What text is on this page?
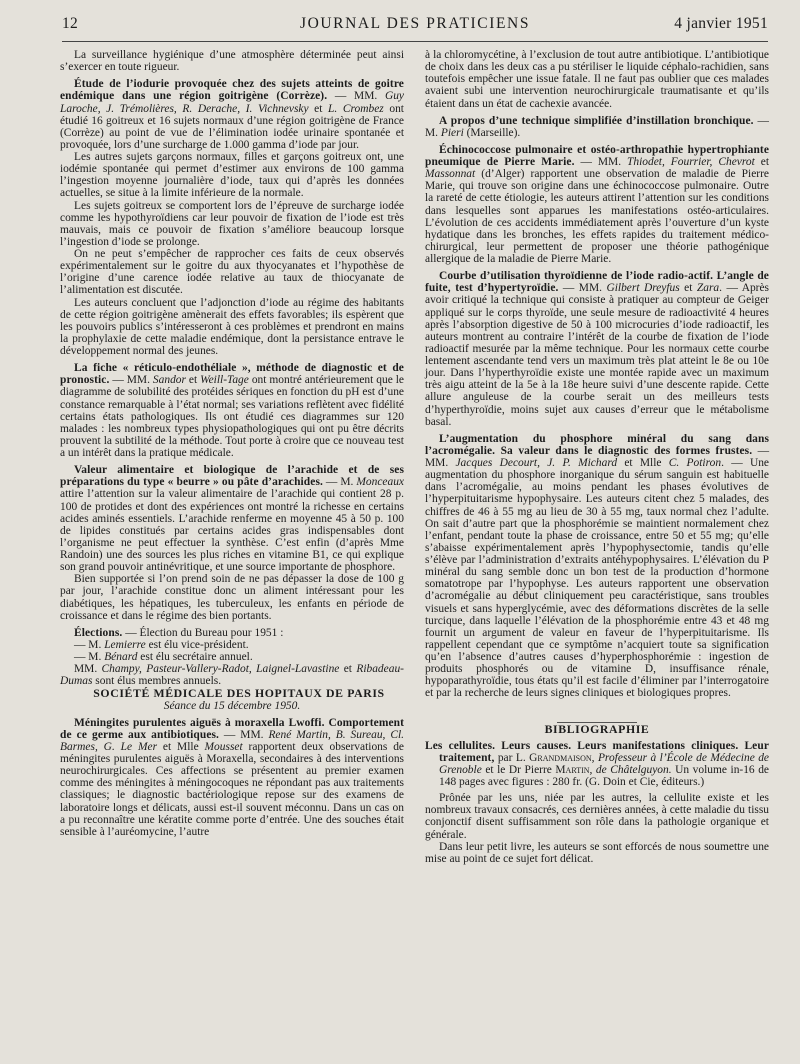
12	JOURNAL DES PRATICIENS	4 janvier 1951

La surveillance hygiénique d’une atmosphère déterminée peut ainsi s’exercer en toute rigueur.

Étude de l’iodurie provoquée chez des sujets atteints de goitre endémique dans une région goitrigène (Corrèze). — MM. Guy Laroche, J. Trémolières, R. Derache, I. Vichnevsky et L. Crombez ont étudié 16 goitreux et 16 sujets normaux d’une région goitrigène de France (Corrèze) au point de vue de l’élimination iodée urinaire spontanée et provoquée, lors d’une surcharge de 1.000 gamma d’iode par jour.

Les autres sujets garçons normaux, filles et garçons goitreux ont, une iodémie spontanée qui permet d’estimer aux environs de 100 gamma l’ingestion moyenne journalière d’iode, taux qui d’après les données actuelles, se situe à la limite inférieure de la normale.

Les sujets goitreux se comportent lors de l’épreuve de surcharge iodée comme les hypothyroïdiens car leur pouvoir de fixation de l’iode est très mauvais, mais ce pouvoir de fixation s’améliore beaucoup lorsque l’ingestion d’iode se prolonge.

On ne peut s’empêcher de rapprocher ces faits de ceux observés expérimentalement sur le goitre du aux thyocyanates et l’hypothèse de l’origine d’une carence iodée relative au taux de thiocyanate de l’alimentation est discutée.

Les auteurs concluent que l’adjonction d’iode au régime des habitants de cette région goitrigène amènerait des effets favorables; ils espèrent que les pouvoirs publics s’intéresseront à ces problèmes et prendront en mains la prophylaxie de cette maladie endémique, dont la persistance entrave le développement normal des jeunes.

La fiche « réticulo-endothéliale », méthode de diagnostic et de pronostic. — MM. Sandor et Weill-Tage ont montré antérieurement que le diagramme de solubilité des protéides sériques en fonction du pH est d’une constance remarquable à l’état normal; ses variations reflètent avec fidélité certains états pathologiques. Ils ont étudié ces diagrammes sur 120 malades : les nombreux types physiopathologiques qui ont pu être décrits prouvent la subtilité de la méthode. Tout porte à croire que ce nouveau test a un intérêt dans la pratique médicale.

Valeur alimentaire et biologique de l’arachide et de ses préparations du type « beurre » ou pâte d’arachides. — M. Monceaux attire l’attention sur la valeur alimentaire de l’arachide qui contient 28 p. 100 de protides et dont des expériences ont montré la richesse en certains acides aminés essentiels. L’arachide renferme en moyenne 45 à 50 p. 100 de lipides constitués par certains acides gras indispensables dont l’organisme ne peut effectuer la synthèse. C’est enfin (d’après Mme Randoin) une des sources les plus riches en vitamine B1, ce qui explique son grand pouvoir antinévritique, et une source importante de phosphore.

Bien supportée si l’on prend soin de ne pas dépasser la dose de 100 g par jour, l’arachide constitue donc un aliment intéressant pour les diabétiques, les hépatiques, les tuberculeux, les enfants en période de croissance et dans le régime des bien portants.

Élections. — Élection du Bureau pour 1951 :

— M. Lemierre est élu vice-président.

— M. Bénard est élu secrétaire annuel.

MM. Champy, Pasteur-Vallery-Radot, Laignel-Lavastine et Ribadeau-Dumas sont élus membres annuels.

SOCIÉTÉ MÉDICALE DES HOPITAUX DE PARIS

Séance du 15 décembre 1950.

Méningites purulentes aiguës à moraxella Lwoffi. Comportement de ce germe aux antibiotiques. — MM. René Martin, B. Sureau, Cl. Barmes, G. Le Mer et Mlle Mousset rapportent deux observations de méningites purulentes aiguës à Moraxella, secondaires à des interventions neurochirurgicales. Ces affections se présentent au premier examen comme des méningites à méningocoques ne répondant pas aux traitements classiques; le diagnostic bactériologique repose sur des examens de laboratoire longs et délicats, aussi est-il souvent méconnu. Dans un cas on a pu reconnaître une kératite comme porte d’entrée. Une des souches était sensible à l’auréomycine, l’autre

à la chloromycétine, à l’exclusion de tout autre antibiotique. L’antibiotique de choix dans les deux cas a pu stériliser le liquide céphalo-rachidien, sans toutefois empêcher une issue fatale. Il ne faut pas oublier que ces malades avaient subi une intervention neurochirurgicale traumatisante et qu’ils étaient dans un état de cachexie avancée.

A propos d’une technique simplifiée d’instillation bronchique. — M. Pieri (Marseille).

Échinococcose pulmonaire et ostéo-arthropathie hypertrophiante pneumique de Pierre Marie. — MM. Thiodet, Fourrier, Chevrot et Massonnat (d’Alger) rapportent une observation de maladie de Pierre Marie, qui trouve son origine dans une échinococcose pulmonaire. Outre la rareté de cette étiologie, les auteurs attirent l’attention sur les conditions dans lesquelles sont apparues les manifestations ostéo-articulaires. L’évolution de ces accidents immédiatement après l’ouverture d’un kyste hydatique dans les bronches, les effets rapides du traitement médico-chirurgical, leur permettent de proposer une théorie pathogénique allergique de la maladie de Pierre Marie.

Courbe d’utilisation thyroïdienne de l’iode radio-actif. L’angle de fuite, test d’hypertyroïdie. — MM. Gilbert Dreyfus et Zara. — Après avoir critiqué la technique qui consiste à pratiquer au compteur de Geiger appliqué sur le corps thyroïde, une seule mesure de radioactivité 4 heures après l’absorption digestive de 50 à 100 microcuries d’iode radioactif, les auteurs montrent au contraire l’intérêt de la courbe de fixation de l’iode radioactif mesurée par la même technique. Pour les normaux cette courbe lentement ascendante tend vers un maximum très plat atteint le 8e ou 10e jour. Dans l’hyperthyroïdie existe une montée rapide avec un maximum très aigu atteint de la 5e à la 18e heure suivi d’une descente rapide. Cette allure anguleuse de la courbe serait un des meilleurs tests d’hyperthyroïdie, moins sujet aux causes d’erreur que le métabolisme basal.

L’augmentation du phosphore minéral du sang dans l’acromégalie. Sa valeur dans le diagnostic des formes frustes. — MM. Jacques Decourt, J. P. Michard et Mlle C. Potiron. — Une augmentation du phosphore inorganique du sérum sanguin est habituelle dans l’acromégalie, au moins pendant les phases évolutives de l’hyperpituitarisme hypophysaire. Les auteurs citent chez 5 malades, des chiffres de 46 à 55 mg au lieu de 30 à 55 mg, taux normal chez l’adulte. On sait d’autre part que la phosphorémie se maintient normalement chez l’enfant, pendant toute la phase de croissance, entre 50 et 55 mg; qu’elle s’abaisse expérimentalement après l’hypophysectomie, tandis qu’elle s’élève par l’administration d’extraits antéhypophysaires. L’élévation du P minéral du sang semble donc un bon test de la production d’hormone somatotrope par l’hypophyse. Les auteurs rapportent une observation d’acromégalie au début cliniquement peu caractéristique, sans troubles visuels et sans hyperglycémie, avec des déformations discrètes de la selle turcique, dans laquelle l’élévation de la phosphorémie entre 43 et 48 mg fournit un argument de valeur en faveur de l’hyperpituitarisme. Ils rappellent cependant que ce symptôme n’acquiert toute sa signification qu’en l’absence d’autres causes d’hyperphosphorémie : ingestion de produits phosphorés ou de vitamine D, insuffisance rénale, hypoparathyroïdie, tous états qu’il est facile d’éliminer par l’interrogatoire et par la recherche de leurs signes cliniques et biologiques propres.

BIBLIOGRAPHIE

Les cellulites. Leurs causes. Leurs manifestations cliniques. Leur traitement, par L. Grandmaison, Professeur à l’École de Médecine de Grenoble et le Dr Pierre Martin, de Châtelguyon. Un volume in-16 de 148 pages avec figures : 280 fr. (G. Doin et Cie, éditeurs.)

Prônée par les uns, niée par les autres, la cellulite existe et les nombreux travaux consacrés, ces dernières années, à cette maladie du tissu conjonctif disent suffisamment son rôle dans la pathologie organique et générale.

Dans leur petit livre, les auteurs se sont efforcés de nous soumettre une mise au point de ce sujet fort délicat.
